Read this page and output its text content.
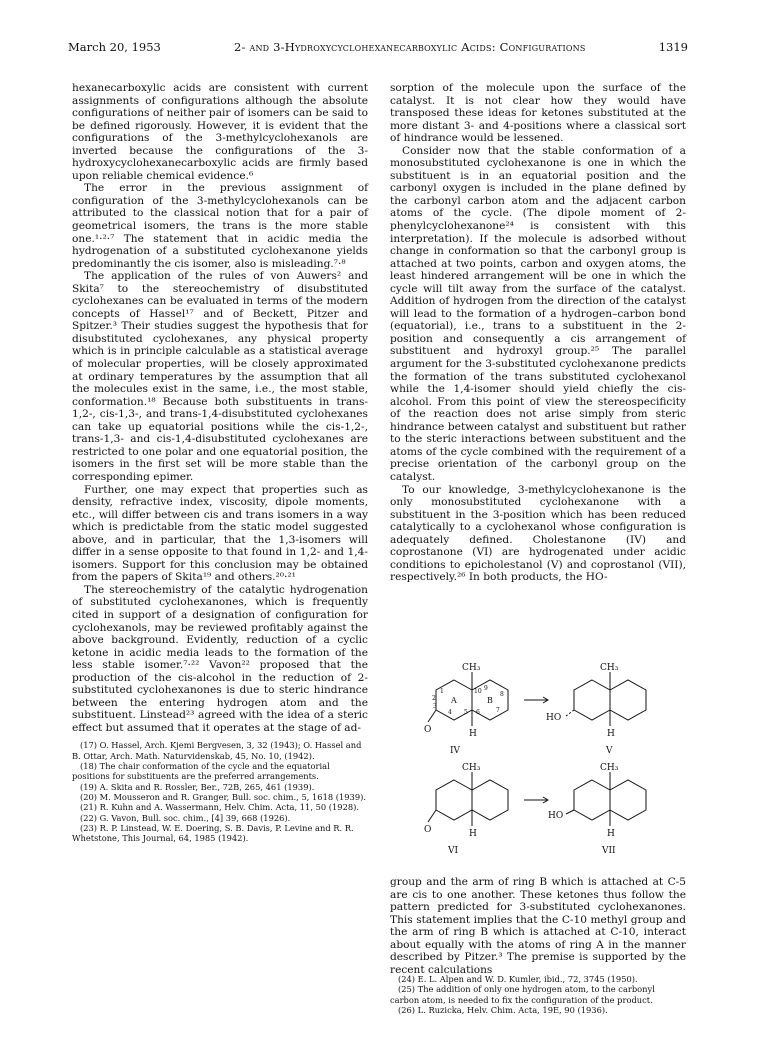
March 20, 1953	2- and 3-Hydroxycyclohexanecarboxylic Acids: Configurations	1319

hexanecarboxylic acids are consistent with current assignments of configurations although the absolute configurations of neither pair of isomers can be said to be defined rigorously. However, it is evident that the configurations of the 3-methylcyclohexanols are inverted because the configurations of the 3-hydroxycyclohexanecarboxylic acids are firmly based upon reliable chemical evidence.⁶

The error in the previous assignment of configuration of the 3-methylcyclohexanols can be attributed to the classical notion that for a pair of geometrical isomers, the trans is the more stable one.¹·²·⁷ The statement that in acidic media the hydrogenation of a substituted cyclohexanone yields predominantly the cis isomer, also is misleading.⁷·⁸

The application of the rules of von Auwers² and Skita⁷ to the stereochemistry of disubstituted cyclohexanes can be evaluated in terms of the modern concepts of Hassel¹⁷ and of Beckett, Pitzer and Spitzer.³ Their studies suggest the hypothesis that for disubstituted cyclohexanes, any physical property which is in principle calculable as a statistical average of molecular properties, will be closely approximated at ordinary temperatures by the assumption that all the molecules exist in the same, i.e., the most stable, conformation.¹⁸ Because both substituents in trans-1,2-, cis-1,3-, and trans-1,4-disubstituted cyclohexanes can take up equatorial positions while the cis-1,2-, trans-1,3- and cis-1,4-disubstituted cyclohexanes are restricted to one polar and one equatorial position, the isomers in the first set will be more stable than the corresponding epimer.

Further, one may expect that properties such as density, refractive index, viscosity, dipole moments, etc., will differ between cis and trans isomers in a way which is predictable from the static model suggested above, and in particular, that the 1,3-isomers will differ in a sense opposite to that found in 1,2- and 1,4-isomers. Support for this conclusion may be obtained from the papers of Skita¹⁹ and others.²⁰·²¹

The stereochemistry of the catalytic hydrogenation of substituted cyclohexanones, which is frequently cited in support of a designation of configuration for cyclohexanols, may be reviewed profitably against the above background. Evidently, reduction of a cyclic ketone in acidic media leads to the formation of the less stable isomer.⁷·²² Vavon²² proposed that the production of the cis-alcohol in the reduction of 2-substituted cyclohexanones is due to steric hindrance between the entering hydrogen atom and the substituent. Linstead²³ agreed with the idea of a steric effect but assumed that it operates at the stage of ad-

(17) O. Hassel, Arch. Kjemi Bergvesen, 3, 32 (1943); O. Hassel and B. Ottar, Arch. Math. Naturvidenskab, 45, No. 10, (1942).

(18) The chair conformation of the cycle and the equatorial positions for substituents are the preferred arrangements.

(19) A. Skita and R. Rossler, Ber., 72B, 265, 461 (1939).

(20) M. Mousseron and R. Granger, Bull. soc. chim., 5, 1618 (1939).

(21) R. Kuhn and A. Wassermann, Helv. Chim. Acta, 11, 50 (1928).

(22) G. Vavon, Bull. soc. chim., [4] 39, 668 (1926).

(23) R. P. Linstead, W. E. Doering, S. B. Davis, P. Levine and R. R. Whetstone, This Journal, 64, 1985 (1942).

sorption of the molecule upon the surface of the catalyst. It is not clear how they would have transposed these ideas for ketones substituted at the more distant 3- and 4-positions where a classical sort of hindrance would be lessened.

Consider now that the stable conformation of a monosubstituted cyclohexanone is one in which the substituent is in an equatorial position and the carbonyl oxygen is included in the plane defined by the carbonyl carbon atom and the adjacent carbon atoms of the cycle. (The dipole moment of 2-phenylcyclohexanone²⁴ is consistent with this interpretation). If the molecule is adsorbed without change in conformation so that the carbonyl group is attached at two points, carbon and oxygen atoms, the least hindered arrangement will be one in which the cycle will tilt away from the surface of the catalyst. Addition of hydrogen from the direction of the catalyst will lead to the formation of a hydrogen–carbon bond (equatorial), i.e., trans to a substituent in the 2-position and consequently a cis arrangement of substituent and hydroxyl group.²⁵ The parallel argument for the 3-substituted cyclohexanone predicts the formation of the trans substituted cyclohexanol while the 1,4-isomer should yield chiefly the cis-alcohol. From this point of view the stereospecificity of the reaction does not arise simply from steric hindrance between catalyst and substituent but rather to the steric interactions between substituent and the atoms of the cycle combined with the requirement of a precise orientation of the carbonyl group on the catalyst.

To our knowledge, 3-methylcyclohexanone is the only monosubstituted cyclohexanone with a substituent in the 3-position which has been reduced catalytically to a cyclohexanol whose configuration is adequately defined. Cholestanone (IV) and coprostanone (VI) are hydrogenated under acidic conditions to epicholestanol (V) and coprostanol (VII), respectively.²⁶ In both products, the HO-

CH₃	CH₃
CH₃	CH₃
O
O
H	H
H	H
HO
HO
IV	V
VI	VII
A	B
1
2
3
4 5 6	7
8
9
10

group and the arm of ring B which is attached at C-5 are cis to one another. These ketones thus follow the pattern predicted for 3-substituted cyclohexanones. This statement implies that the C-10 methyl group and the arm of ring B which is attached at C-10, interact about equally with the atoms of ring A in the manner described by Pitzer.³ The premise is supported by the recent calculations

(24) E. L. Alpen and W. D. Kumler, ibid., 72, 3745 (1950).

(25) The addition of only one hydrogen atom, to the carbonyl carbon atom, is needed to fix the configuration of the product.

(26) L. Ruzicka, Helv. Chim. Acta, 19E, 90 (1936).
